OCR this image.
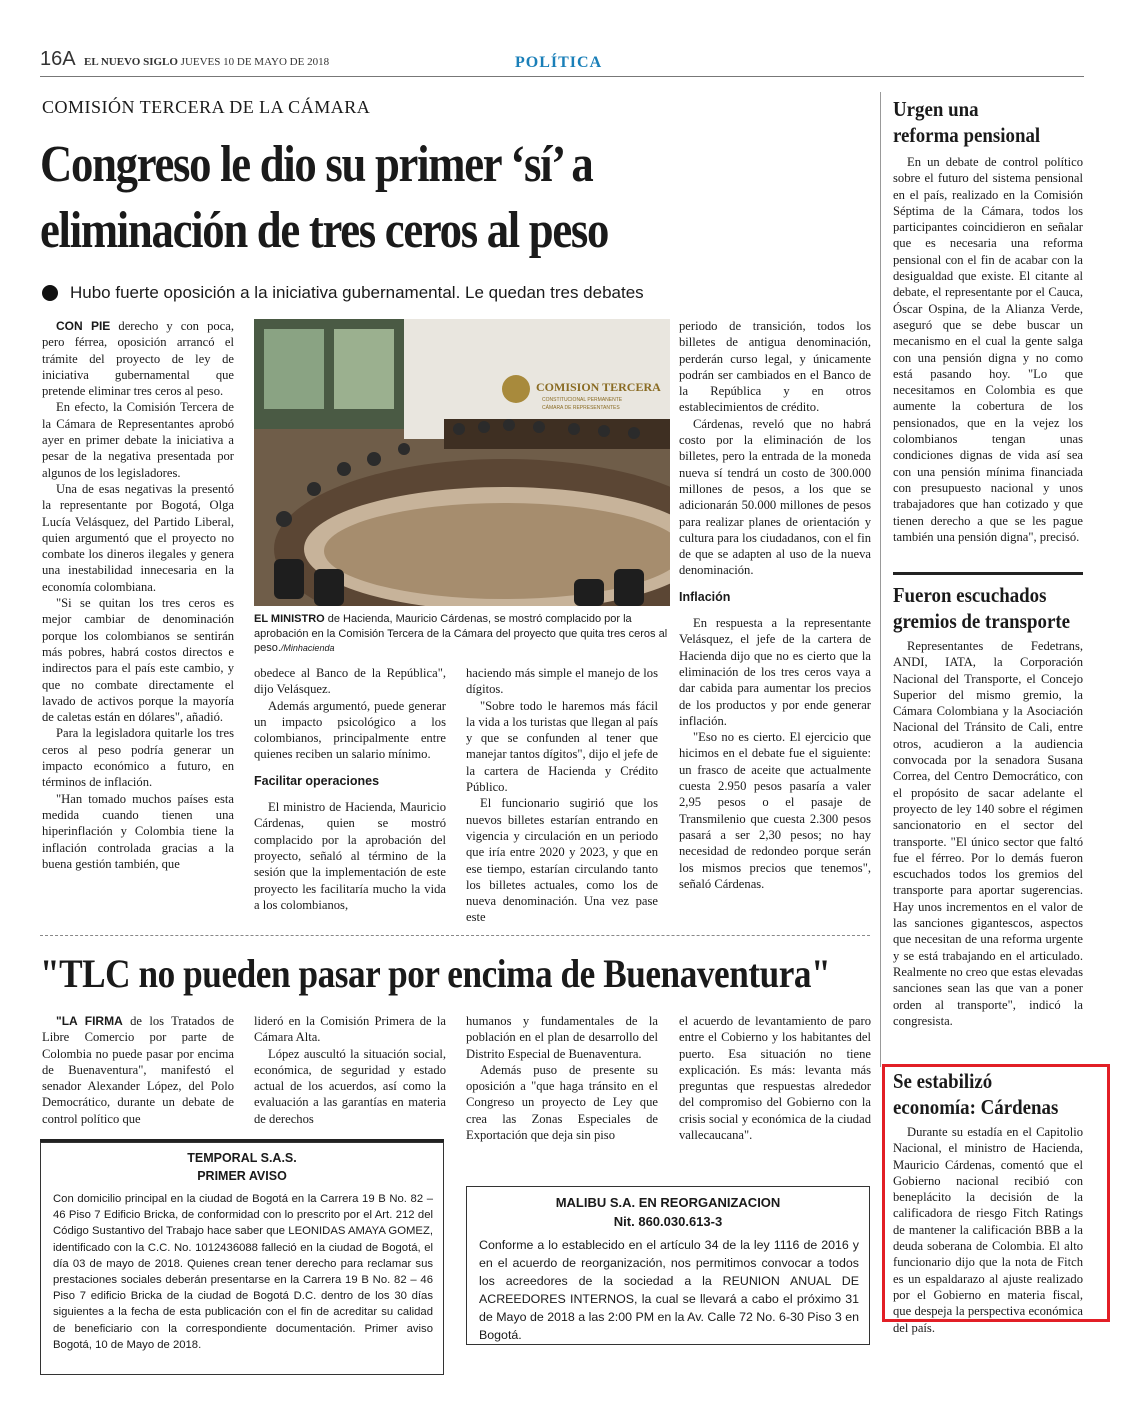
16A EL NUEVO SIGLO JUEVES 10 DE MAYO DE 2018	POLÍTICA
COMISIÓN TERCERA DE LA CÁMARA
Congreso le dio su primer ‘sí’ a
eliminación de tres ceros al peso
Hubo fuerte oposición a la iniciativa gubernamental. Le quedan tres debates

CON PIE derecho y con poca, pero férrea, oposición arrancó el trámite del proyecto de ley de iniciativa gubernamental que pretende eliminar tres ceros al peso.

En efecto, la Comisión Tercera de la Cámara de Representantes aprobó ayer en primer debate la iniciativa a pesar de la negativa presentada por algunos de los legisladores.

Una de esas negativas la presentó la representante por Bogotá, Olga Lucía Velásquez, del Partido Liberal, quien argumentó que el proyecto no combate los dineros ilegales y genera una inestabilidad innecesaria en la economía colombiana.

"Si se quitan los tres ceros es mejor cambiar de denominación porque los colombianos se sentirán más pobres, habrá costos directos e indirectos para el país este cambio, y que no combate directamente el lavado de activos porque la mayoría de caletas están en dólares", añadió.

Para la legisladora quitarle los tres ceros al peso podría generar un impacto económico a futuro, en términos de inflación.

"Han tomado muchos países esta medida cuando tienen una hiperinflación y Colombia tiene la inflación controlada gracias a la buena gestión también, que

COMISION TERCERA
CONSTITUCIONAL PERMANENTE
CÁMARA DE REPRESENTANTES
EL MINISTRO de Hacienda, Mauricio Cárdenas, se mostró complacido por la aprobación en la Comisión Tercera de la Cámara del proyecto que quita tres ceros al peso./Minhacienda

obedece al Banco de la República", dijo Velásquez.

Además argumentó, puede generar un impacto psicológico a los colombianos, principalmente entre quienes reciben un salario mínimo.

Facilitar operaciones

El ministro de Hacienda, Mauricio Cárdenas, quien se mostró complacido por la aprobación del proyecto, señaló al término de la sesión que la implementación de este proyecto les facilitaría mucho la vida a los colombianos,

haciendo más simple el manejo de los dígitos.

"Sobre todo le haremos más fácil la vida a los turistas que llegan al país y que se confunden al tener que manejar tantos dígitos", dijo el jefe de la cartera de Hacienda y Crédito Público.

El funcionario sugirió que los nuevos billetes estarían entrando en vigencia y circulación en un periodo que iría entre 2020 y 2023, y que en ese tiempo, estarían circulando tanto los billetes actuales, como los de nueva denominación. Una vez pase este

periodo de transición, todos los billetes de antigua denominación, perderán curso legal, y únicamente podrán ser cambiados en el Banco de la República y en otros establecimientos de crédito.

Cárdenas, reveló que no habrá costo por la eliminación de los billetes, pero la entrada de la moneda nueva sí tendrá un costo de 300.000 millones de pesos, a los que se adicionarán 50.000 millones de pesos para realizar planes de orientación y cultura para los ciudadanos, con el fin de que se adapten al uso de la nueva denominación.

Inflación

En respuesta a la representante Velásquez, el jefe de la cartera de Hacienda dijo que no es cierto que la eliminación de los tres ceros vaya a dar cabida para aumentar los precios de los productos y por ende generar inflación.

"Eso no es cierto. El ejercicio que hicimos en el debate fue el siguiente: un frasco de aceite que actualmente cuesta 2.950 pesos pasaría a valer 2,95 pesos o el pasaje de Transmilenio que cuesta 2.300 pesos pasará a ser 2,30 pesos; no hay necesidad de redondeo porque serán los mismos precios que tenemos", señaló Cárdenas.

"TLC no pueden pasar por encima de Buenaventura"

"LA FIRMA de los Tratados de Libre Comercio por parte de Colombia no puede pasar por encima de Buenaventura", manifestó el senador Alexander López, del Polo Democrático, durante un debate de control político que

lideró en la Comisión Primera de la Cámara Alta.

López auscultó la situación social, económica, de seguridad y estado actual de los acuerdos, así como la evaluación a las garantías en materia de derechos

humanos y fundamentales de la población en el plan de desarrollo del Distrito Especial de Buenaventura.

Además puso de presente su oposición a "que haga tránsito en el Congreso un proyecto de Ley que crea las Zonas Especiales de Exportación que deja sin piso

el acuerdo de levantamiento de paro entre el Cobierno y los habitantes del puerto. Esa situación no tiene explicación. Es más: levanta más preguntas que respuestas alrededor del compromiso del Gobierno con la crisis social y económica de la ciudad vallecaucana".

TEMPORAL S.A.S.
PRIMER AVISO
Con domicilio principal en la ciudad de Bogotá en la Carrera 19 B No. 82 – 46 Piso 7 Edificio Bricka, de conformidad con lo prescrito por el Art. 212 del Código Sustantivo del Trabajo hace saber que LEONIDAS AMAYA GOMEZ, identificado con la C.C. No. 1012436088 falleció en la ciudad de Bogotá, el día 03 de mayo de 2018. Quienes crean tener derecho para reclamar sus prestaciones sociales deberán presentarse en la Carrera 19 B No. 82 – 46 Piso 7 edificio Bricka de la ciudad de Bogotá D.C. dentro de los 30 días siguientes a la fecha de esta publicación con el fin de acreditar su calidad de beneficiario con la correspondiente documentación. Primer aviso Bogotá, 10 de Mayo de 2018.
MALIBU S.A. EN REORGANIZACION
Nit. 860.030.613-3
Conforme a lo establecido en el artículo 34 de la ley 1116 de 2016 y en el acuerdo de reorganización, nos permitimos convocar a todos los acreedores de la sociedad a la REUNION ANUAL DE ACREEDORES INTERNOS, la cual se llevará a cabo el próximo 31 de Mayo de 2018 a las 2:00 PM en la Av. Calle 72 No. 6-30 Piso 3 en Bogotá.
Urgen una
reforma pensional

En un debate de control político sobre el futuro del sistema pensional en el país, realizado en la Comisión Séptima de la Cámara, todos los participantes coincidieron en señalar que es necesaria una reforma pensional con el fin de acabar con la desigualdad que existe. El citante al debate, el representante por el Cauca, Óscar Ospina, de la Alianza Verde, aseguró que se debe buscar un mecanismo en el cual la gente salga con una pensión digna y no como está pasando hoy. "Lo que necesitamos en Colombia es que aumente la cobertura de los pensionados, que en la vejez los colombianos tengan unas condiciones dignas de vida así sea con una pensión mínima financiada con presupuesto nacional y unos trabajadores que han cotizado y que tienen derecho a que se les pague también una pensión digna", precisó.

Fueron escuchados
gremios de transporte

Representantes de Fedetrans, ANDI, IATA, la Corporación Nacional del Transporte, el Concejo Superior del mismo gremio, la Cámara Colombiana y la Asociación Nacional del Tránsito de Cali, entre otros, acudieron a la audiencia convocada por la senadora Susana Correa, del Centro Democrático, con el propósito de sacar adelante el proyecto de ley 140 sobre el régimen sancionatorio en el sector del transporte. "El único sector que faltó fue el férreo. Por lo demás fueron escuchados todos los gremios del transporte para aportar sugerencias. Hay unos incrementos en el valor de las sanciones gigantescos, aspectos que necesitan de una reforma urgente y se está trabajando en el articulado. Realmente no creo que estas elevadas sanciones sean las que van a poner orden al transporte", indicó la congresista.

Se estabilizó
economía: Cárdenas

Durante su estadía en el Capitolio Nacional, el ministro de Hacienda, Mauricio Cárdenas, comentó que el Gobierno nacional recibió con beneplácito la decisión de la calificadora de riesgo Fitch Ratings de mantener la calificación BBB a la deuda soberana de Colombia. El alto funcionario dijo que la nota de Fitch es un espaldarazo al ajuste realizado por el Gobierno en materia fiscal, que despeja la perspectiva económica del país.
